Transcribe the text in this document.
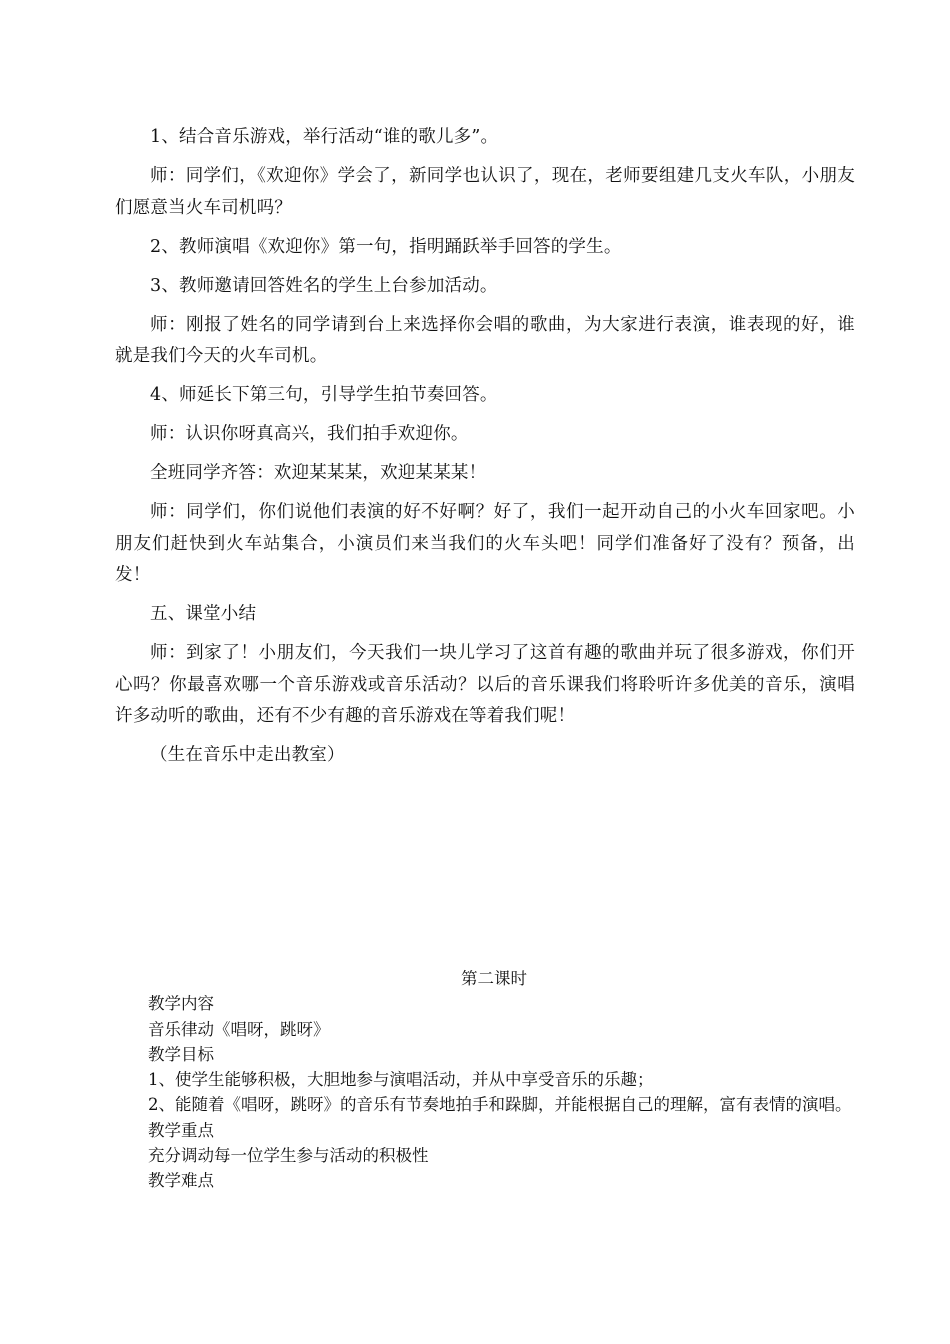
1、结合音乐游戏，举行活动“谁的歌儿多”。

师：同学们，《欢迎你》学会了，新同学也认识了，现在，老师要组建几支火车队，小朋友们愿意当火车司机吗？

2、教师演唱《欢迎你》第一句，指明踊跃举手回答的学生。

3、教师邀请回答姓名的学生上台参加活动。

师：刚报了姓名的同学请到台上来选择你会唱的歌曲，为大家进行表演，谁表现的好，谁就是我们今天的火车司机。

4、师延长下第三句，引导学生拍节奏回答。

师：认识你呀真高兴，我们拍手欢迎你。

全班同学齐答：欢迎某某某，欢迎某某某！

师：同学们，你们说他们表演的好不好啊？好了，我们一起开动自己的小火车回家吧。小朋友们赶快到火车站集合，小演员们来当我们的火车头吧！同学们准备好了没有？预备，出发！

五、课堂小结

师：到家了！小朋友们，今天我们一块儿学习了这首有趣的歌曲并玩了很多游戏，你们开心吗？你最喜欢哪一个音乐游戏或音乐活动？以后的音乐课我们将聆听许多优美的音乐，演唱许多动听的歌曲，还有不少有趣的音乐游戏在等着我们呢！

（生在音乐中走出教室）

第二课时

教学内容

音乐律动《唱呀，跳呀》

教学目标

1、使学生能够积极，大胆地参与演唱活动，并从中享受音乐的乐趣；

2、能随着《唱呀，跳呀》的音乐有节奏地拍手和跺脚，并能根据自己的理解，富有表情的演唱。

教学重点

充分调动每一位学生参与活动的积极性

教学难点
